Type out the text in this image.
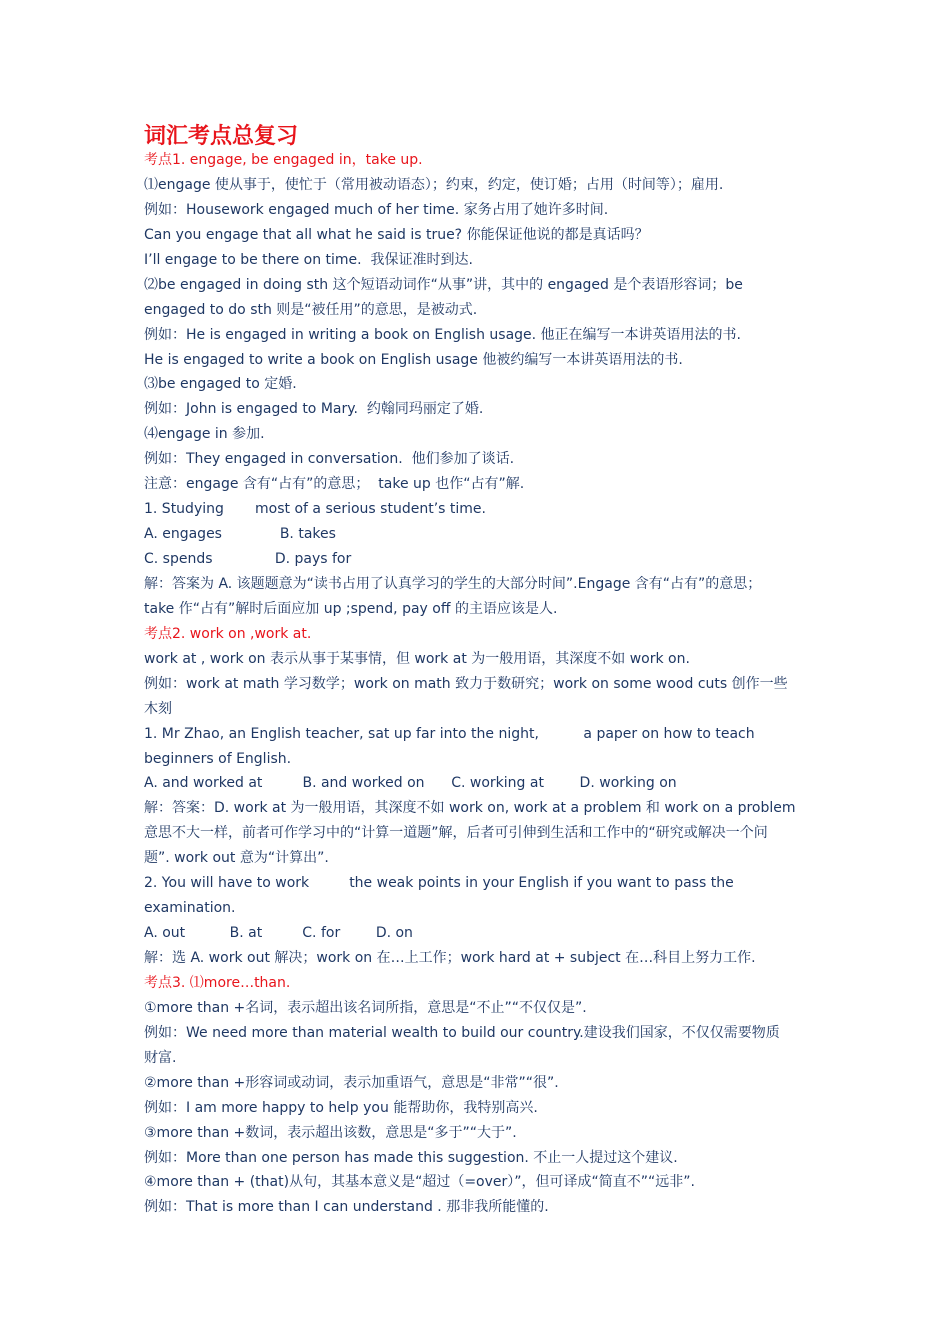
词汇考点总复习
考点1. engage, be engaged in，take up.
⑴engage 使从事于，使忙于（常用被动语态）；约束，约定，使订婚；占用（时间等）；雇用.
例如：Housework engaged much of her time. 家务占用了她许多时间.
Can you engage that all what he said is true? 你能保证他说的都是真话吗？
I’ll engage to be there on time.  我保证准时到达.
⑵be engaged in doing sth 这个短语动词作“从事”讲，其中的 engaged 是个表语形容词；be
engaged to do sth 则是“被任用”的意思，是被动式.
例如：He is engaged in writing a book on English usage. 他正在编写一本讲英语用法的书.
He is engaged to write a book on English usage 他被约编写一本讲英语用法的书.
⑶be engaged to 定婚.
例如：John is engaged to Mary.  约翰同玛丽定了婚.
⑷engage in 参加.
例如：They engaged in conversation.  他们参加了谈话.
注意：engage 含有“占有”的意思；  take up 也作“占有”解.
1. Studying       most of a serious student’s time.
A. engages             B. takes
C. spends              D. pays for
解：答案为 A. 该题题意为“读书占用了认真学习的学生的大部分时间”.Engage 含有“占有”的意思；
take 作“占有”解时后面应加 up ;spend, pay off 的主语应该是人.
考点2. work on ,work at.
work at , work on 表示从事于某事情，但 work at 为一般用语，其深度不如 work on.
例如：work at math 学习数学；work on math 致力于数研究；work on some wood cuts 创作一些
木刻
1. Mr Zhao, an English teacher, sat up far into the night,          a paper on how to teach
beginners of English.
A. and worked at         B. and worked on      C. working at        D. working on
解：答案：D. work at 为一般用语，其深度不如 work on, work at a problem 和 work on a problem
意思不大一样，前者可作学习中的“计算一道题”解，后者可引伸到生活和工作中的“研究或解决一个问
题”. work out 意为“计算出”.
2. You will have to work         the weak points in your English if you want to pass the
examination.
A. out          B. at         C. for        D. on
解：选 A. work out 解决；work on 在…上工作；work hard at + subject 在…科目上努力工作.
考点3. ⑴more…than.
①more than +名词，表示超出该名词所指，意思是“不止”“不仅仅是”.
例如：We need more than material wealth to build our country.建设我们国家，不仅仅需要物质
财富.
②more than +形容词或动词，表示加重语气，意思是“非常”“很”.
例如：I am more happy to help you 能帮助你，我特别高兴.
③more than +数词，表示超出该数，意思是“多于”“大于”.
例如：More than one person has made this suggestion. 不止一人提过这个建议.
④more than + (that)从句，其基本意义是“超过（=over）”，但可译成“简直不”“远非”.
例如：That is more than I can understand . 那非我所能懂的.
